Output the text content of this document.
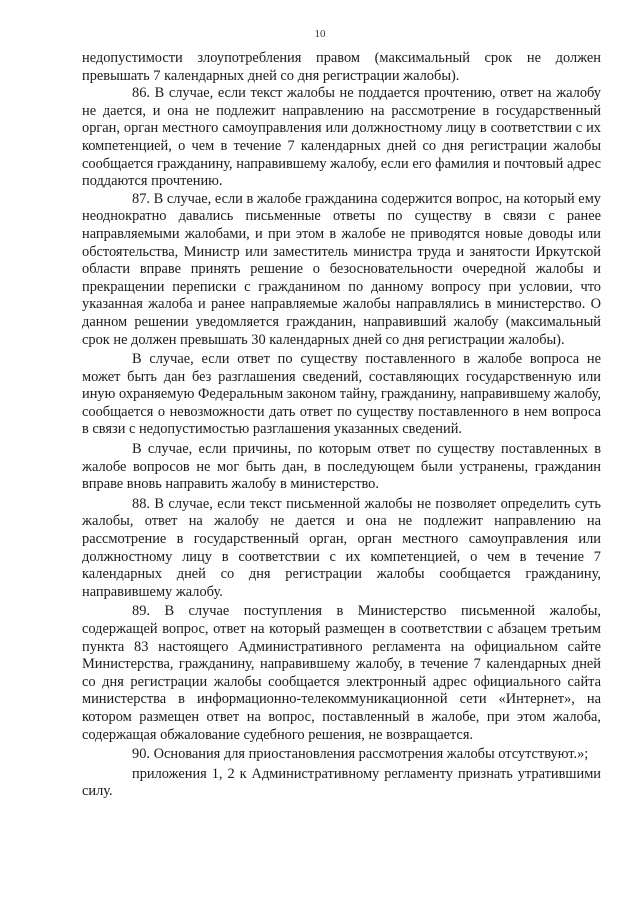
10

недопустимости злоупотребления правом (максимальный срок не должен превышать 7 календарных дней со дня регистрации жалобы).

86. В случае, если текст жалобы не поддается прочтению, ответ на жалобу не дается, и она не подлежит направлению на рассмотрение в государственный орган, орган местного самоуправления или должностному лицу в соответствии с их компетенцией, о чем в течение 7 календарных дней со дня регистрации жалобы сообщается гражданину, направившему жалобу, если его фамилия и почтовый адрес поддаются прочтению.

87. В случае, если в жалобе гражданина содержится вопрос, на который ему неоднократно давались письменные ответы по существу в связи с ранее направляемыми жалобами, и при этом в жалобе не приводятся новые доводы или обстоятельства, Министр или заместитель министра труда и занятости Иркутской области вправе принять решение о безосновательности очередной жалобы и прекращении переписки с гражданином по данному вопросу при условии, что указанная жалоба и ранее направляемые жалобы направлялись в министерство. О данном решении уведомляется гражданин, направивший жалобу (максимальный срок не должен превышать 30 календарных дней со дня регистрации жалобы).

В случае, если ответ по существу поставленного в жалобе вопроса не может быть дан без разглашения сведений, составляющих государственную или иную охраняемую Федеральным законом тайну, гражданину, направившему жалобу, сообщается о невозможности дать ответ по существу поставленного в нем вопроса в связи с недопустимостью разглашения указанных сведений.

В случае, если причины, по которым ответ по существу поставленных в жалобе вопросов не мог быть дан, в последующем были устранены, гражданин вправе вновь направить жалобу в министерство.

88. В случае, если текст письменной жалобы не позволяет определить суть жалобы, ответ на жалобу не дается и она не подлежит направлению на рассмотрение в государственный орган, орган местного самоуправления или должностному лицу в соответствии с их компетенцией, о чем в течение 7 календарных дней со дня регистрации жалобы сообщается гражданину, направившему жалобу.

89. В случае поступления в Министерство письменной жалобы, содержащей вопрос, ответ на который размещен в соответствии с абзацем третьим пункта 83 настоящего Административного регламента на официальном сайте Министерства, гражданину, направившему жалобу, в течение 7 календарных дней со дня регистрации жалобы сообщается электронный адрес официального сайта министерства в информационно-телекоммуникационной сети «Интернет», на котором размещен ответ на вопрос, поставленный в жалобе, при этом жалоба, содержащая обжалование судебного решения, не возвращается.

90. Основания для приостановления рассмотрения жалобы отсутствуют.»;

приложения 1, 2 к Административному регламенту признать утратившими силу.
